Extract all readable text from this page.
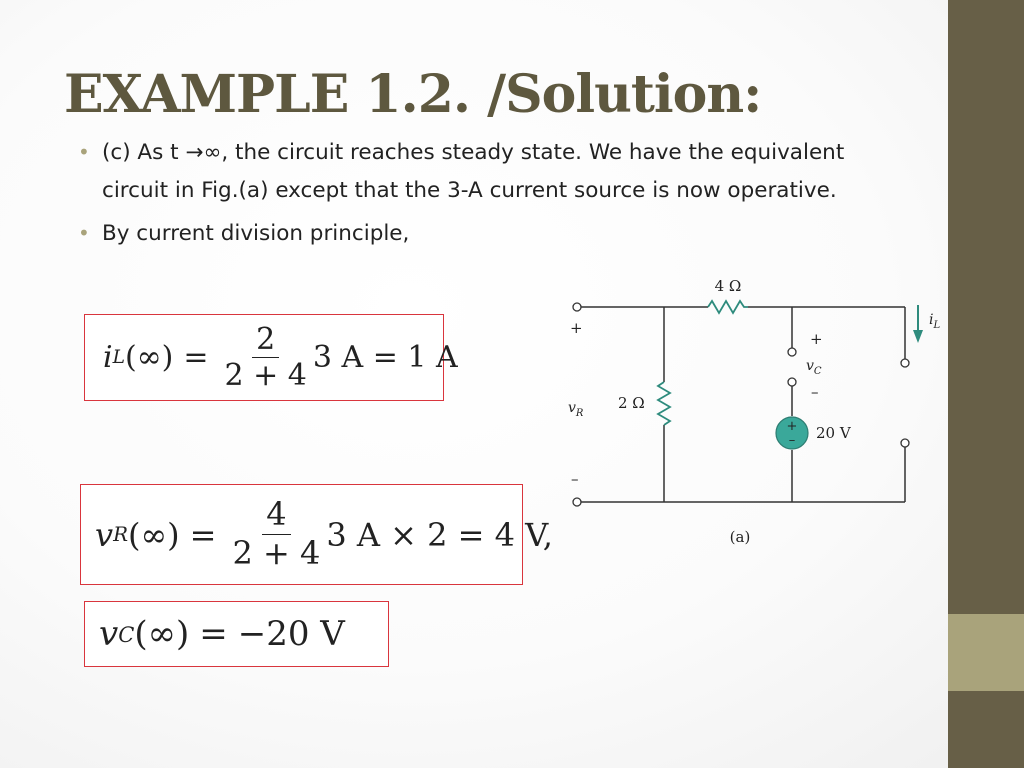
EXAMPLE 1.2. /Solution:
• (c) As t →∞, the circuit reaches steady state. We have the equivalent circuit in Fig.(a) except that the 3-A current source is now operative.
• By current division principle,
i L (∞) = $\frac{2}{2 + 4} 3$ A = 1 A
v R (∞) = $\frac{4}{2 + 4} 3$ A × 2 = 4 V,
v C (∞) = −20 V
+
–
4 Ω
2 Ω
20 V
+
–
$v_R$
+
–
$v_C$
$i_L$
(a)
